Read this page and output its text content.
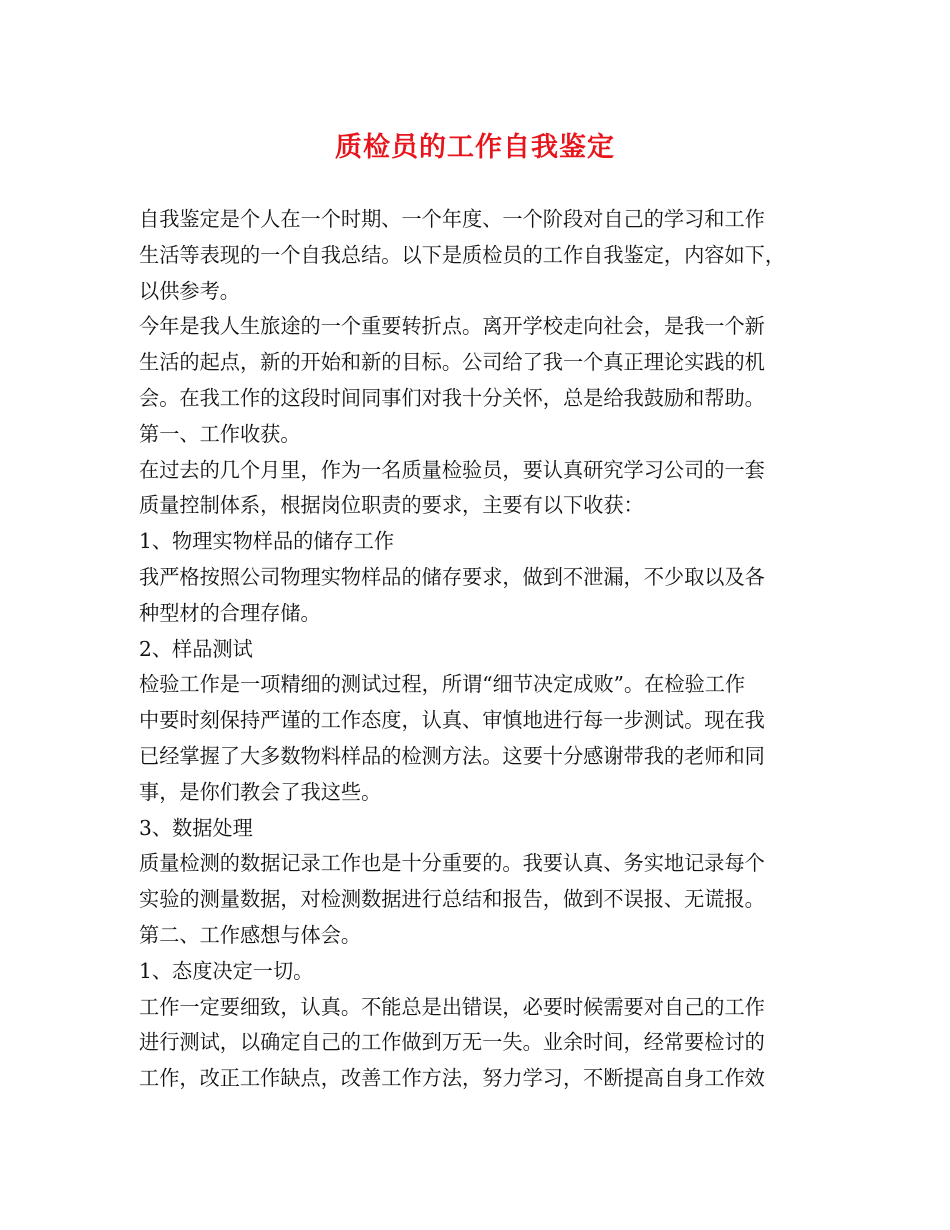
质检员的工作自我鉴定
自我鉴定是个人在一个时期、一个年度、一个阶段对自己的学习和工作
生活等表现的一个自我总结。以下是质检员的工作自我鉴定，内容如下，
以供参考。
今年是我人生旅途的一个重要转折点。离开学校走向社会，是我一个新
生活的起点，新的开始和新的目标。公司给了我一个真正理论实践的机
会。在我工作的这段时间同事们对我十分关怀，总是给我鼓励和帮助。
第一、工作收获。
在过去的几个月里，作为一名质量检验员，要认真研究学习公司的一套
质量控制体系，根据岗位职责的要求，主要有以下收获：
1、物理实物样品的储存工作
我严格按照公司物理实物样品的储存要求，做到不泄漏，不少取以及各
种型材的合理存储。
2、样品测试
检验工作是一项精细的测试过程，所谓“细节决定成败”。在检验工作
中要时刻保持严谨的工作态度，认真、审慎地进行每一步测试。现在我
已经掌握了大多数物料样品的检测方法。这要十分感谢带我的老师和同
事，是你们教会了我这些。
3、数据处理
质量检测的数据记录工作也是十分重要的。我要认真、务实地记录每个
实验的测量数据，对检测数据进行总结和报告，做到不误报、无谎报。
第二、工作感想与体会。
1、态度决定一切。
工作一定要细致，认真。不能总是出错误，必要时候需要对自己的工作
进行测试，以确定自己的工作做到万无一失。业余时间，经常要检讨的
工作，改正工作缺点，改善工作方法，努力学习，不断提高自身工作效
